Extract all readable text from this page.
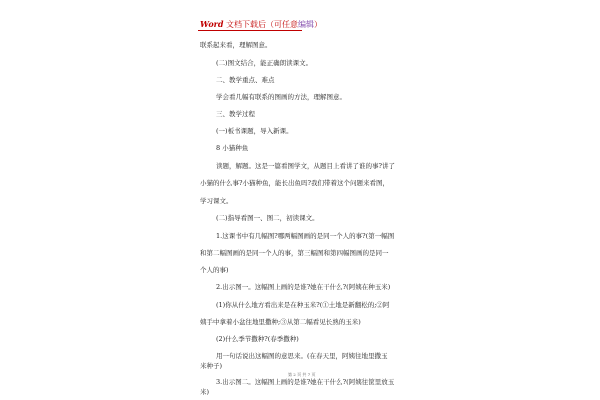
Word 文档下载后（可任意编辑）
联系起来看，理解图意。
(二)图文结合，能正确朗读课文。
二、教学重点、难点
学会看几幅有联系的图画的方法，理解图意。
三、教学过程
(一)板书课题，导入新课。
8 小猫种鱼
读题，解题。这是一篇看图学文，从题目上看讲了谁的事?讲了
小猫的什么事?小猫种鱼，能长出鱼吗?我们带着这个问题来看图，
学习课文。
(二)指导看图一、图二，初读课文。
1.这课书中有几幅图?哪两幅图画的是同一个人的事?(第一幅图
和第二幅图画的是同一个人的事，第三幅图和第四幅图画的是同一
个人的事)
2.出示图一。这幅图上画的是谁?她在干什么?(阿姨在种玉米)
(1)你从什么地方看出来是在种玉米?(①土地是新翻松的;②阿
姨手中拿着小盆往地里撒种;③从第二幅看见长熟的玉米)
(2)什么季节撒种?(春季撒种)
用一句话说出这幅图的意思来。(在春天里，阿姨往地里撒玉
米种子)
3.出示图二。这幅图上画的是谁?她在干什么?(阿姨往筐里放玉
米)
第 2 页 共 7 页
